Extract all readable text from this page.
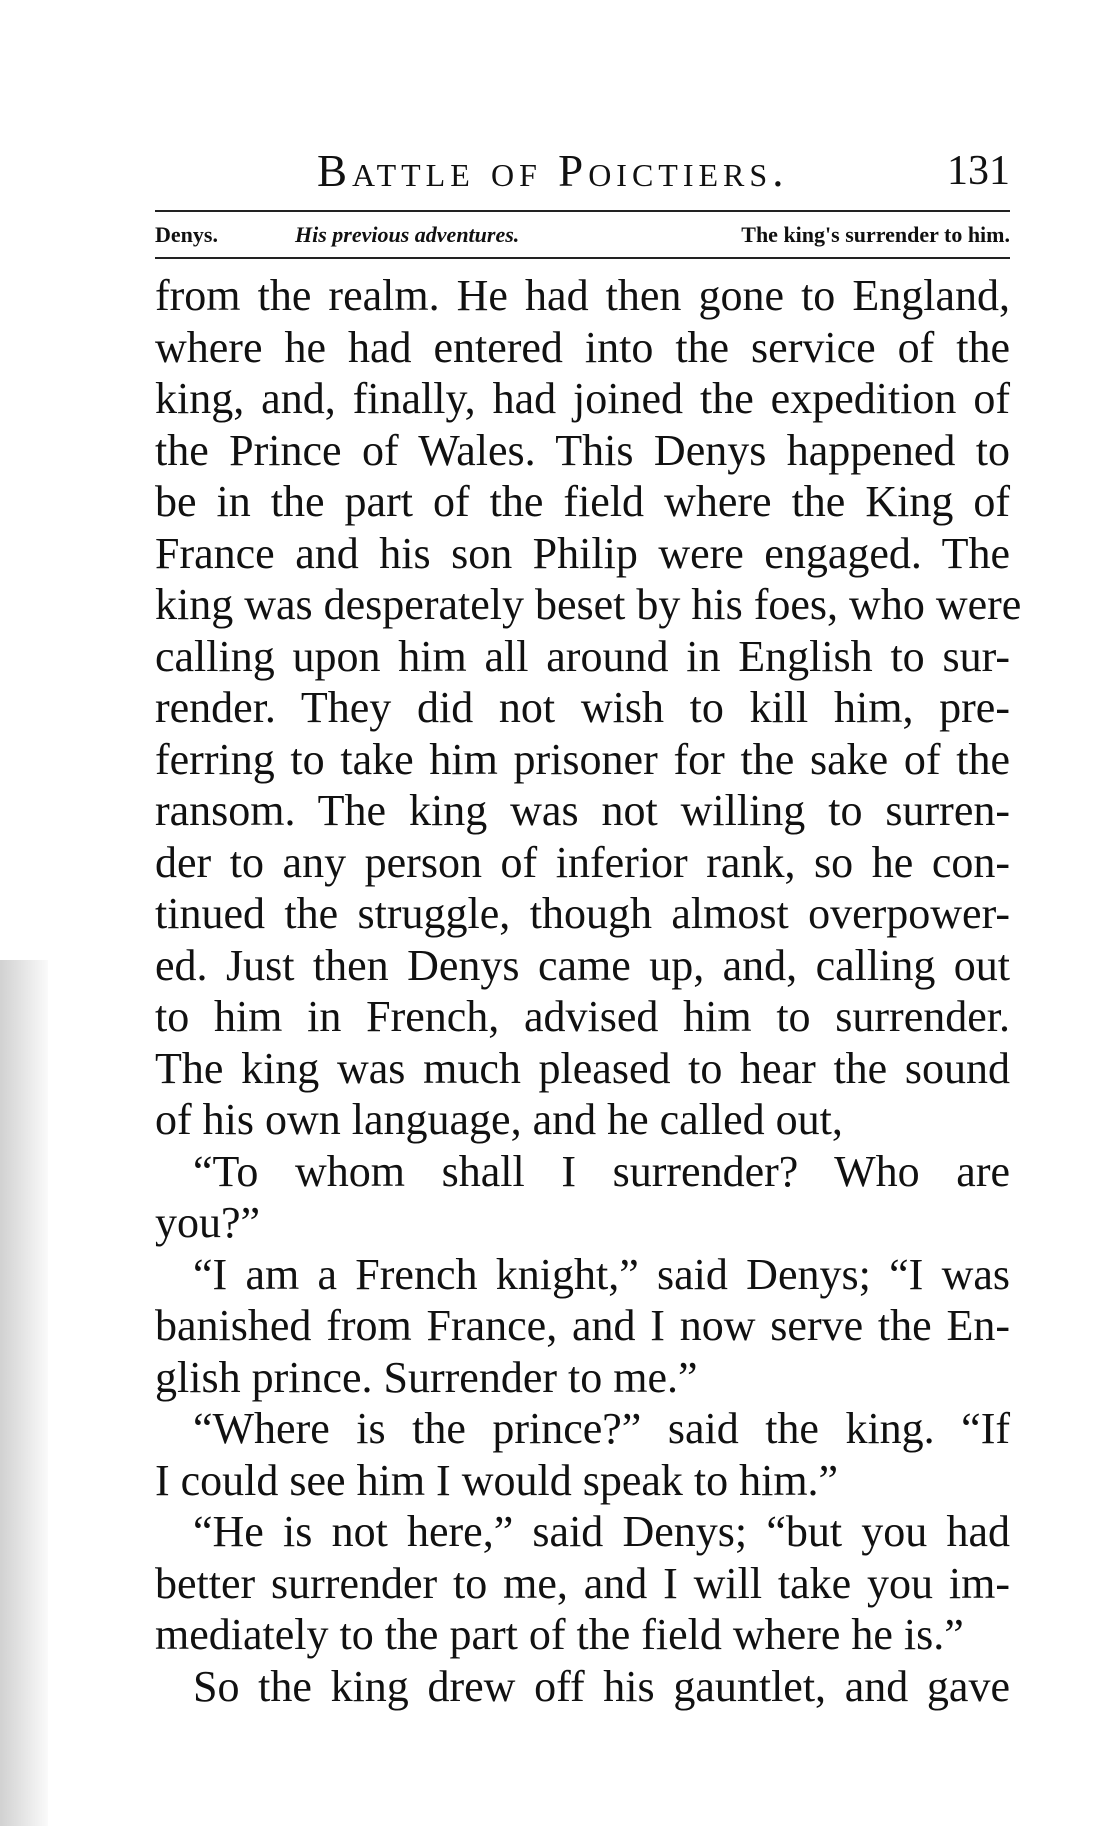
Battle of Poictiers.	131
Denys.	His previous adventures.	The king's surrender to him.
from the realm. He had then gone to England,
where he had entered into the service of the
king, and, finally, had joined the expedition of
the Prince of Wales. This Denys happened to
be in the part of the field where the King of
France and his son Philip were engaged. The
king was desperately beset by his foes, who were
calling upon him all around in English to sur-
render. They did not wish to kill him, pre-
ferring to take him prisoner for the sake of the
ransom. The king was not willing to surren-
der to any person of inferior rank, so he con-
tinued the struggle, though almost overpower-
ed. Just then Denys came up, and, calling out
to him in French, advised him to surrender.
The king was much pleased to hear the sound
of his own language, and he called out,
“To whom shall I surrender? Who are
you?”
“I am a French knight,” said Denys; “I was
banished from France, and I now serve the En-
glish prince. Surrender to me.”
“Where is the prince?” said the king. “If
I could see him I would speak to him.”
“He is not here,” said Denys; “but you had
better surrender to me, and I will take you im-
mediately to the part of the field where he is.”
So the king drew off his gauntlet, and gave
